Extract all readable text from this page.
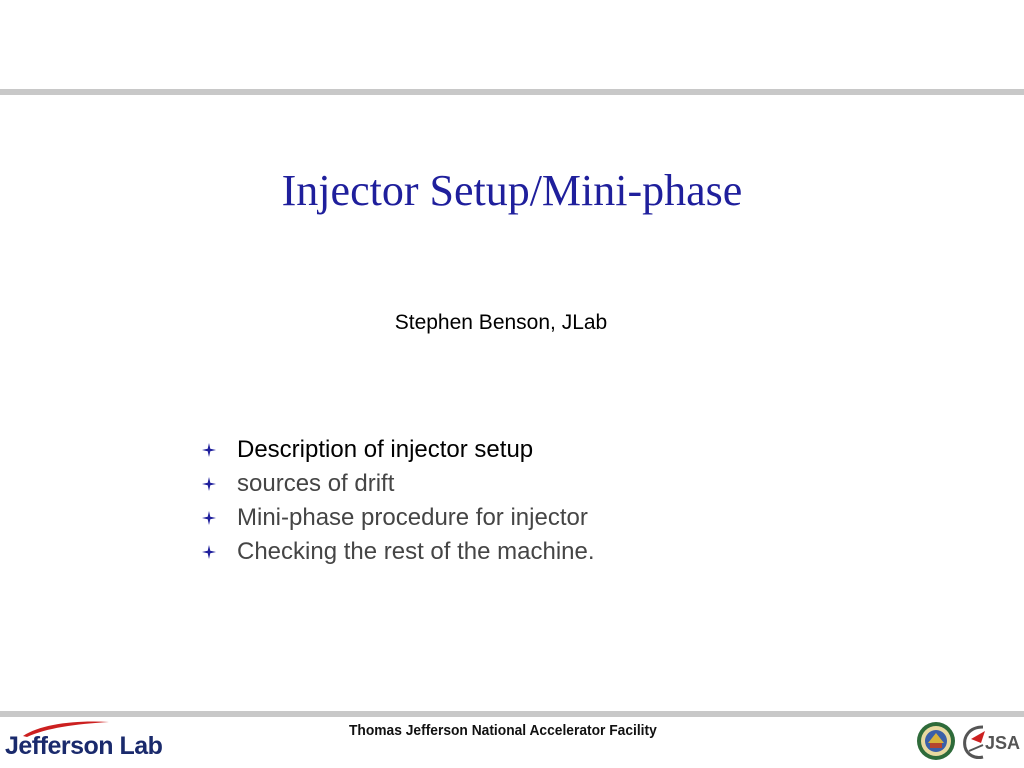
Injector Setup/Mini-phase
Stephen Benson, JLab
Description of injector setup
sources of drift
Mini-phase procedure for injector
Checking the rest of the machine.
Jefferson Lab
Thomas Jefferson National Accelerator Facility
JSA
